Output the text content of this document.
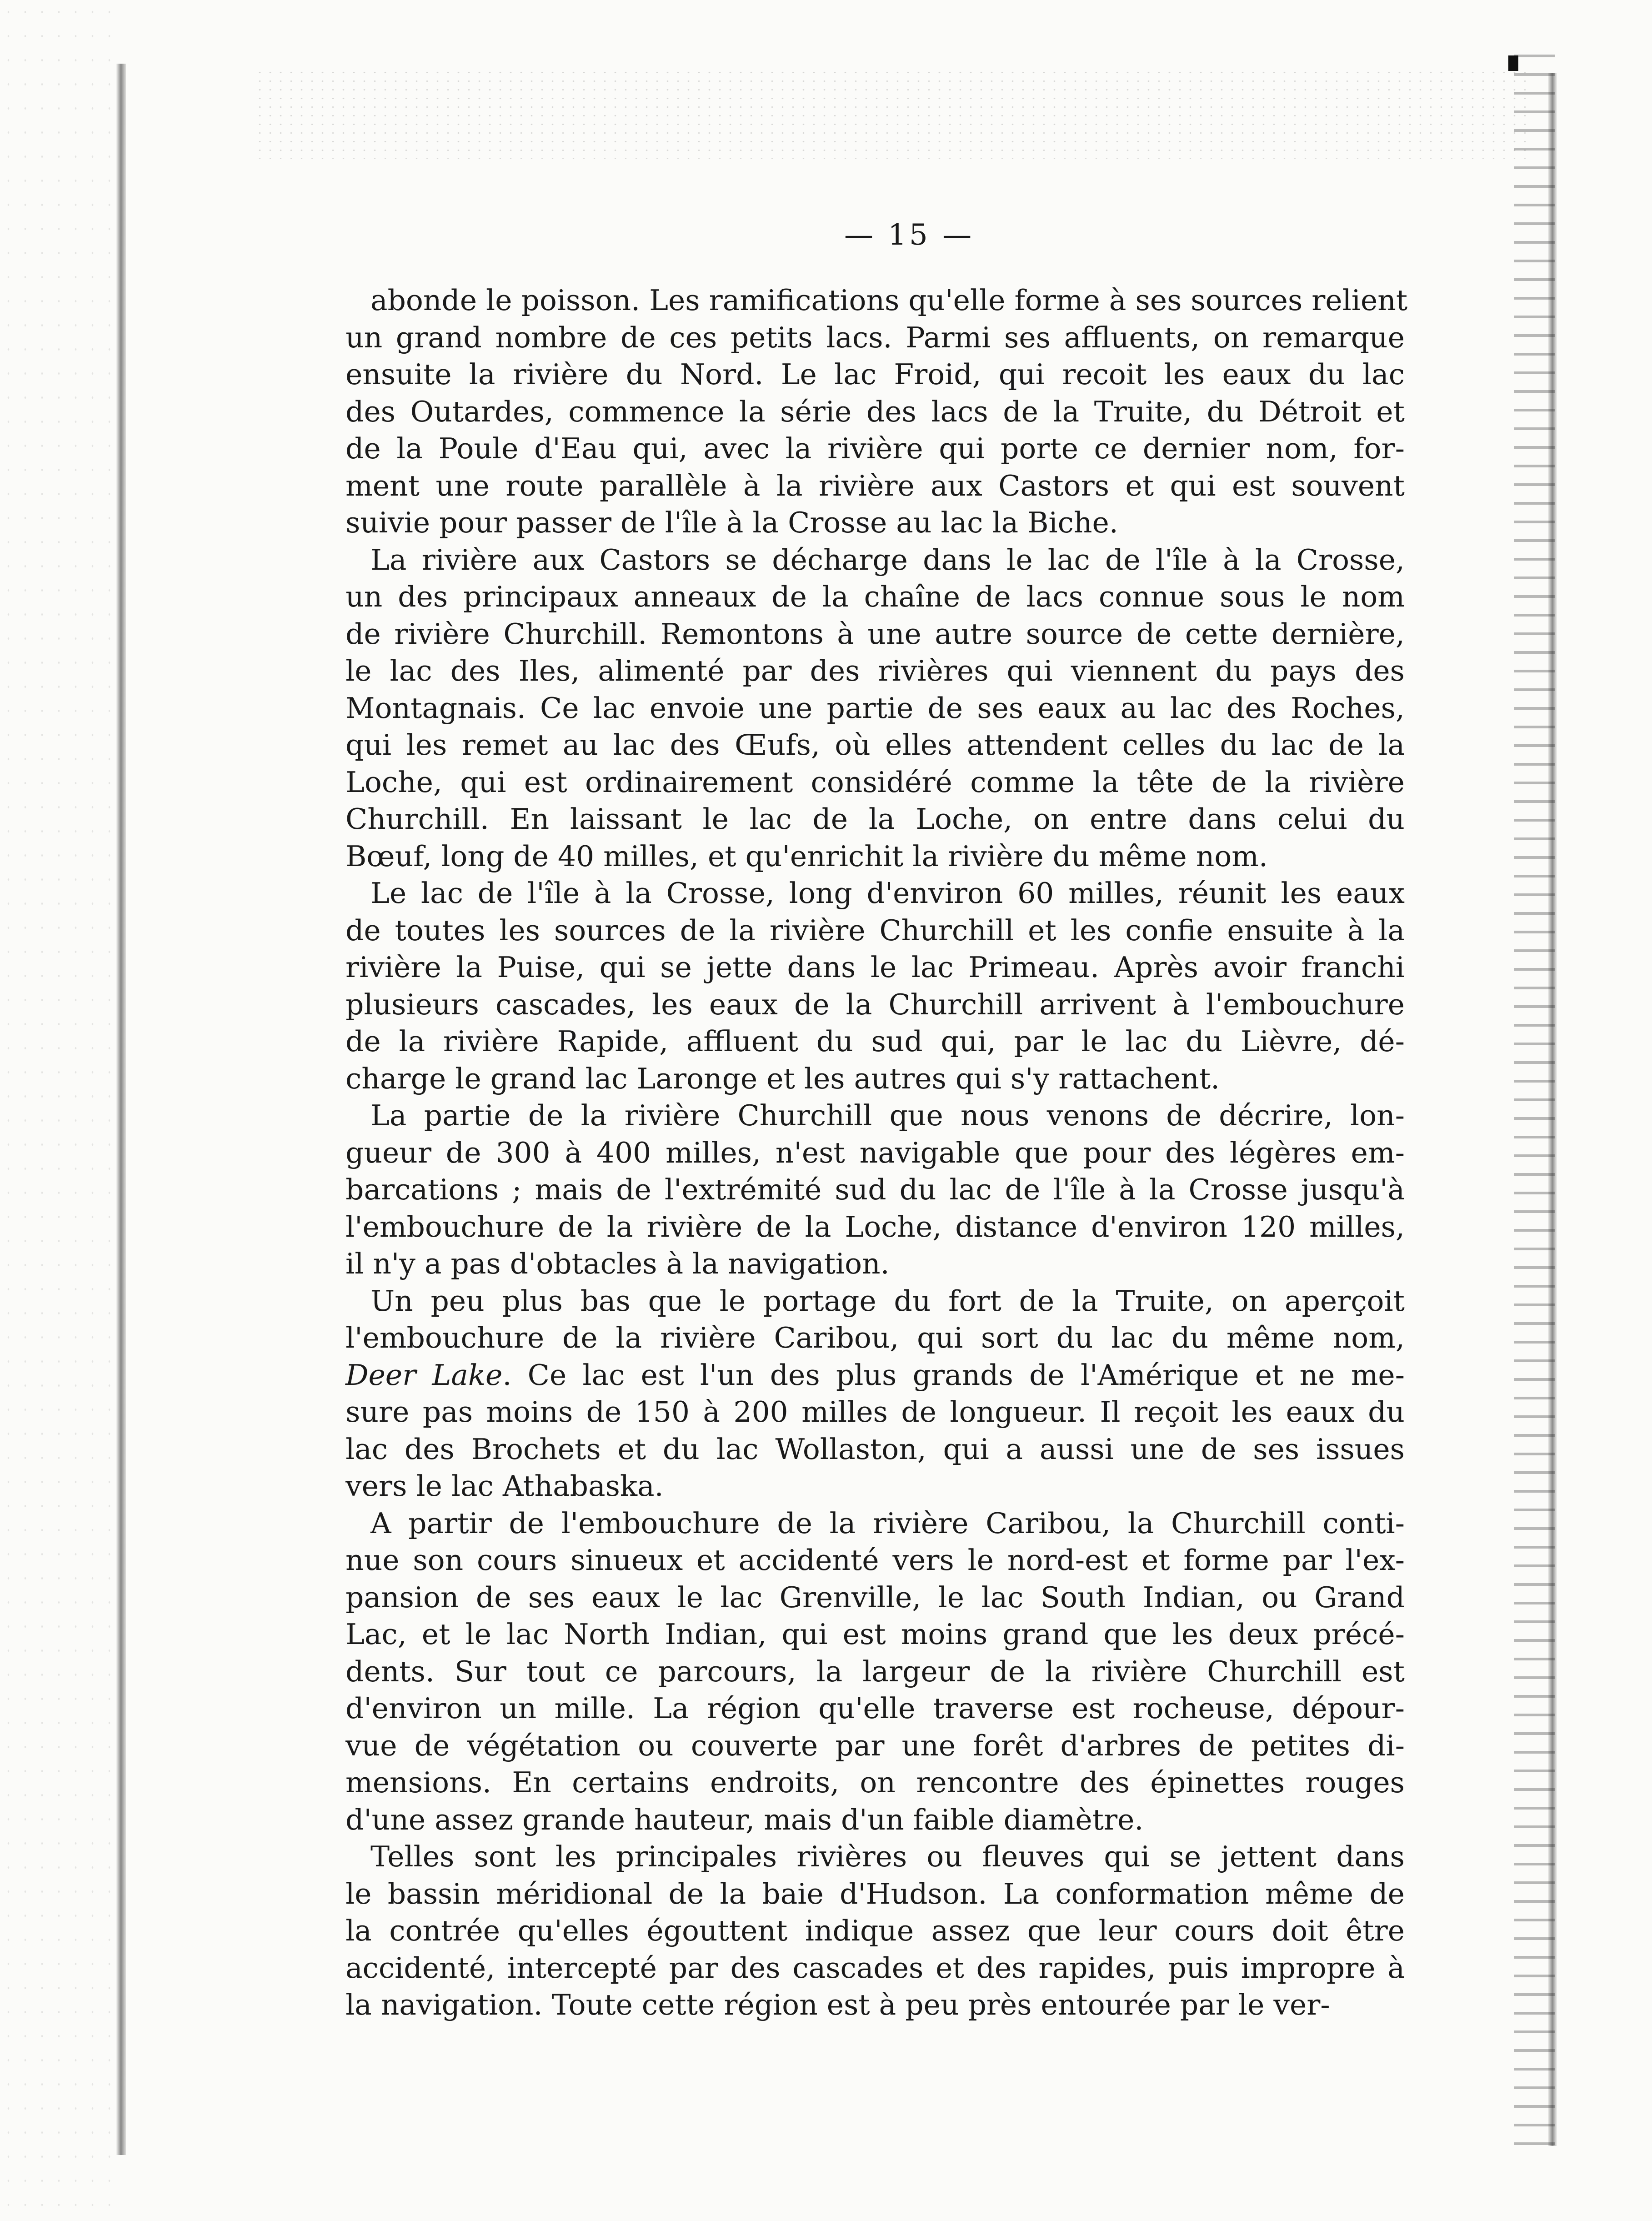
— 15 —
abonde le poisson. Les ramifications qu'elle forme à ses sources relient
un grand nombre de ces petits lacs. Parmi ses affluents, on remarque
ensuite la rivière du Nord. Le lac Froid, qui recoit les eaux du lac
des Outardes, commence la série des lacs de la Truite, du Détroit et
de la Poule d'Eau qui, avec la rivière qui porte ce dernier nom, for-
ment une route parallèle à la rivière aux Castors et qui est souvent
suivie pour passer de l'île à la Crosse au lac la Biche.
La rivière aux Castors se décharge dans le lac de l'île à la Crosse,
un des principaux anneaux de la chaîne de lacs connue sous le nom
de rivière Churchill. Remontons à une autre source de cette dernière,
le lac des Iles, alimenté par des rivières qui viennent du pays des
Montagnais. Ce lac envoie une partie de ses eaux au lac des Roches,
qui les remet au lac des Œufs, où elles attendent celles du lac de la
Loche, qui est ordinairement considéré comme la tête de la rivière
Churchill. En laissant le lac de la Loche, on entre dans celui du
Bœuf, long de 40 milles, et qu'enrichit la rivière du même nom.
Le lac de l'île à la Crosse, long d'environ 60 milles, réunit les eaux
de toutes les sources de la rivière Churchill et les confie ensuite à la
rivière la Puise, qui se jette dans le lac Primeau. Après avoir franchi
plusieurs cascades, les eaux de la Churchill arrivent à l'embouchure
de la rivière Rapide, affluent du sud qui, par le lac du Lièvre, dé-
charge le grand lac Laronge et les autres qui s'y rattachent.
La partie de la rivière Churchill que nous venons de décrire, lon-
gueur de 300 à 400 milles, n'est navigable que pour des légères em-
barcations ; mais de l'extrémité sud du lac de l'île à la Crosse jusqu'à
l'embouchure de la rivière de la Loche, distance d'environ 120 milles,
il n'y a pas d'obtacles à la navigation.
Un peu plus bas que le portage du fort de la Truite, on aperçoit
l'embouchure de la rivière Caribou, qui sort du lac du même nom,
Deer Lake. Ce lac est l'un des plus grands de l'Amérique et ne me-
sure pas moins de 150 à 200 milles de longueur. Il reçoit les eaux du
lac des Brochets et du lac Wollaston, qui a aussi une de ses issues
vers le lac Athabaska.
A partir de l'embouchure de la rivière Caribou, la Churchill conti-
nue son cours sinueux et accidenté vers le nord-est et forme par l'ex-
pansion de ses eaux le lac Grenville, le lac South Indian, ou Grand
Lac, et le lac North Indian, qui est moins grand que les deux précé-
dents. Sur tout ce parcours, la largeur de la rivière Churchill est
d'environ un mille. La région qu'elle traverse est rocheuse, dépour-
vue de végétation ou couverte par une forêt d'arbres de petites di-
mensions. En certains endroits, on rencontre des épinettes rouges
d'une assez grande hauteur, mais d'un faible diamètre.
Telles sont les principales rivières ou fleuves qui se jettent dans
le bassin méridional de la baie d'Hudson. La conformation même de
la contrée qu'elles égouttent indique assez que leur cours doit être
accidenté, intercepté par des cascades et des rapides, puis impropre à
la navigation. Toute cette région est à peu près entourée par le ver-
